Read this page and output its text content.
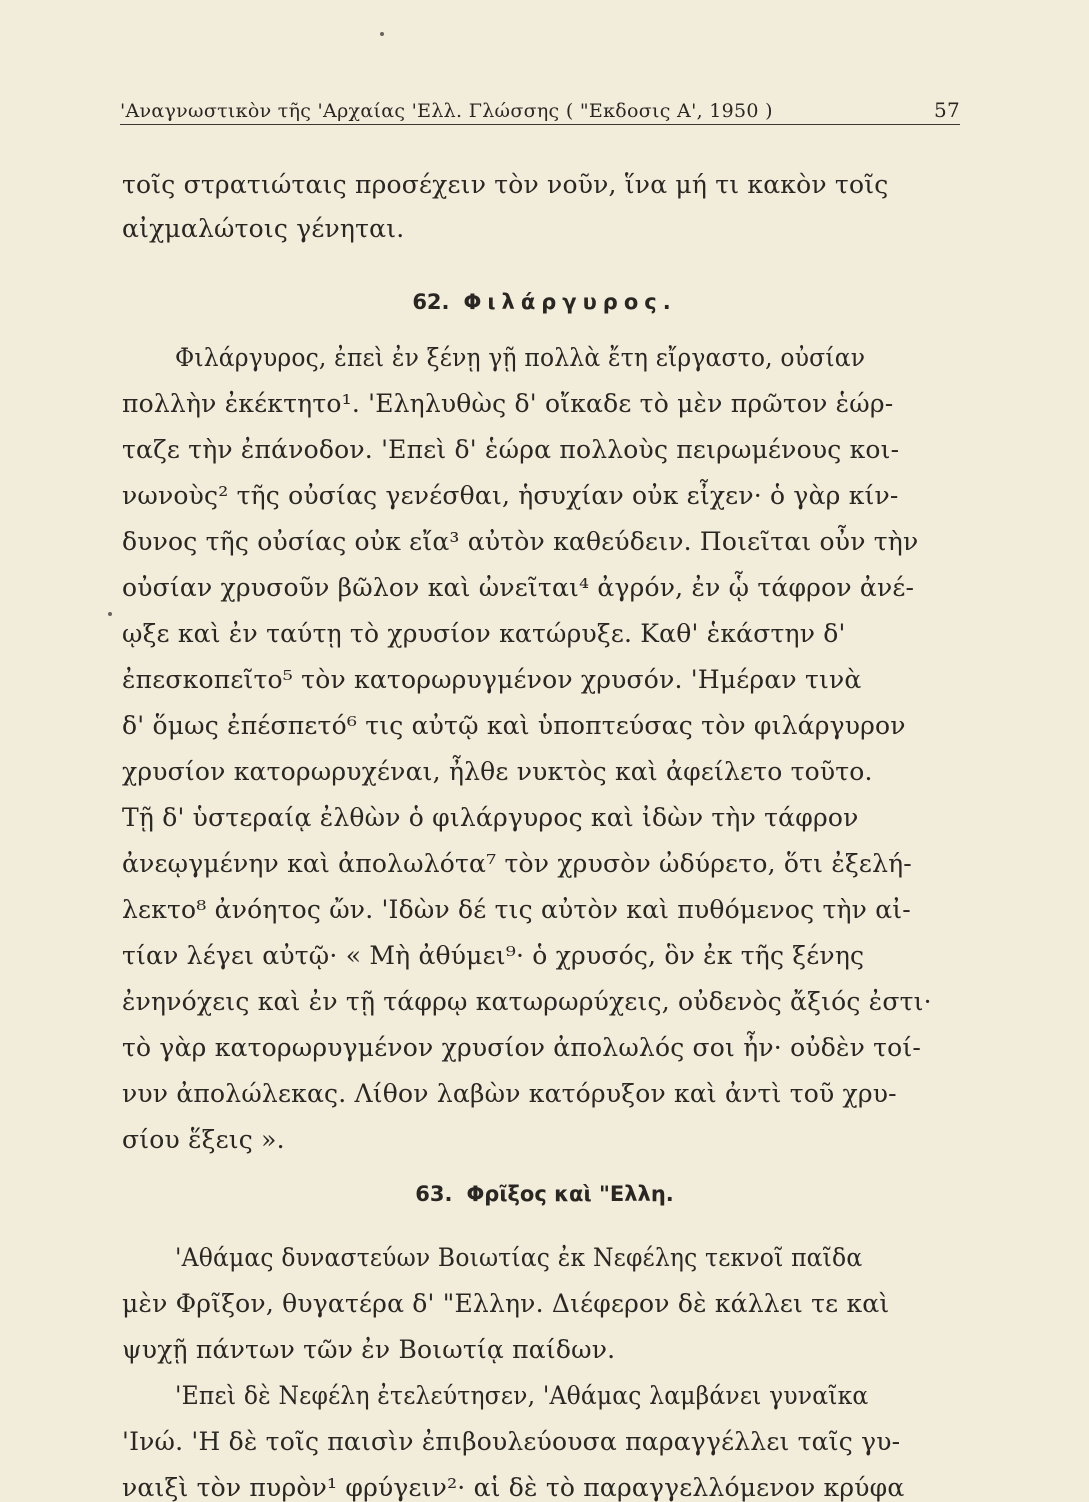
'Αναγνωστικὸν τῆς 'Αρχαίας 'Ελλ. Γλώσσης ( "Εκδοσις Α', 1950 )	57
τοῖς στρατιώταις προσέχειν τὸν νοῦν, ἵνα μή τι κακὸν τοῖς
αἰχμαλώτοις γένηται.
62. Φιλάργυρος.
Φιλάργυρος, ἐπεὶ ἐν ξένῃ γῇ πολλὰ ἔτη εἴργαστο, οὐσίαν
πολλὴν ἐκέκτητο¹. 'Εληλυθὼς δ' οἴκαδε τὸ μὲν πρῶτον ἑώρ-
ταζε τὴν ἐπάνοδον. 'Επεὶ δ' ἑώρα πολλοὺς πειρωμένους κοι-
νωνοὺς² τῆς οὐσίας γενέσθαι, ἡσυχίαν οὐκ εἶχεν· ὁ γὰρ κίν-
δυνος τῆς οὐσίας οὐκ εἴα³ αὐτὸν καθεύδειν. Ποιεῖται οὖν τὴν
οὐσίαν χρυσοῦν βῶλον καὶ ὠνεῖται⁴ ἀγρόν, ἐν ᾧ τάφρον ἀνέ-
ῳξε καὶ ἐν ταύτῃ τὸ χρυσίον κατώρυξε. Καθ' ἑκάστην δ'
ἐπεσκοπεῖτο⁵ τὸν κατορωρυγμένον χρυσόν. 'Ημέραν τινὰ
δ' ὅμως ἐπέσπετό⁶ τις αὐτῷ καὶ ὑποπτεύσας τὸν φιλάργυρον
χρυσίον κατορωρυχέναι, ἦλθε νυκτὸς καὶ ἀφείλετο τοῦτο.
Τῇ δ' ὑστεραίᾳ ἐλθὼν ὁ φιλάργυρος καὶ ἰδὼν τὴν τάφρον
ἀνεῳγμένην καὶ ἀπολωλότα⁷ τὸν χρυσὸν ὠδύρετο, ὅτι ἐξελή-
λεκτο⁸ ἀνόητος ὤν. 'Ιδὼν δέ τις αὐτὸν καὶ πυθόμενος τὴν αἰ-
τίαν λέγει αὐτῷ· « Μὴ ἀθύμει⁹· ὁ χρυσός, ὃν ἐκ τῆς ξένης
ἐνηνόχεις καὶ ἐν τῇ τάφρῳ κατωρωρύχεις, οὐδενὸς ἄξιός ἐστι·
τὸ γὰρ κατορωρυγμένον χρυσίον ἀπολωλός σοι ἦν· οὐδὲν τοί-
νυν ἀπολώλεκας. Λίθον λαβὼν κατόρυξον καὶ ἀντὶ τοῦ χρυ-
σίου ἕξεις ».
63. Φρῖξος καὶ "Ελλη.
'Αθάμας δυναστεύων Βοιωτίας ἐκ Νεφέλης τεκνοῖ παῖδα
μὲν Φρῖξον, θυγατέρα δ' "Ελλην. Διέφερον δὲ κάλλει τε καὶ
ψυχῇ πάντων τῶν ἐν Βοιωτίᾳ παίδων.
'Επεὶ δὲ Νεφέλη ἐτελεύτησεν, 'Αθάμας λαμβάνει γυναῖκα
'Ινώ. 'Η δὲ τοῖς παισὶν ἐπιβουλεύουσα παραγγέλλει ταῖς γυ-
ναιξὶ τὸν πυρὸν¹ φρύγειν²· αἱ δὲ τὸ παραγγελλόμενον κρύφα
